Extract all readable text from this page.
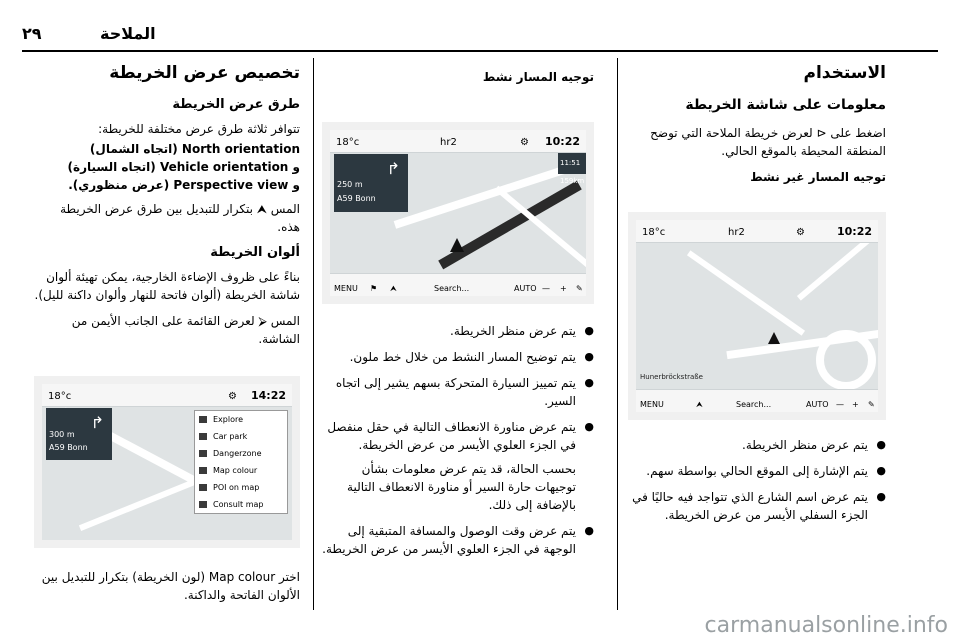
٢٩	الملاحة
الاستخدام
معلومات على شاشة الخريطة

اضغط على ⊲ لعرض خريطة الملاحة التي توضح المنطقة المحيطة بالموقع الحالي.

توجيه المسار غير نشط
Hunerbröckstraße
18°c	hr2	⚙	10:22
MENU	⮝	Search...	AUTO — + ✎
● يتم عرض منظر الخريطة.
● يتم الإشارة إلى الموقع الحالي بواسطة سهم.
● يتم عرض اسم الشارع الذي تتواجد فيه حاليًا في الجزء السفلي الأيسر من عرض الخريطة.
توجيه المسار نشط
↱
250 m
A59 Bonn
11:51
159km
18°c	hr2	⚙ 10:22
MENU ⚑ ⮝	Search...	AUTO — + ✎
● يتم عرض منظر الخريطة.
● يتم توضيح المسار النشط من خلال خط ملون.
● يتم تمييز السيارة المتحركة بسهم يشير إلى اتجاه السير.
● يتم عرض مناورة الانعطاف التالية في حقل منفصل في الجزء العلوي الأيسر من عرض الخريطة.

بحسب الحالة، قد يتم عرض معلومات بشأن توجيهات حارة السير أو مناورة الانعطاف التالية بالإضافة إلى ذلك.

● يتم عرض وقت الوصول والمسافة المتبقية إلى الوجهة في الجزء العلوي الأيسر من عرض الخريطة.
تخصيص عرض الخريطة
طرق عرض الخريطة

تتوافر ثلاثة طرق عرض مختلفة للخريطة:

North orientation (اتجاه الشمال)
و Vehicle orientation (اتجاه السيارة)
و Perspective view (عرض منظوري).

المس ⮝ بتكرار للتبديل بين طرق عرض الخريطة هذه.

ألوان الخريطة

بناءً على ظروف الإضاءة الخارجية، يمكن تهيئة ألوان شاشة الخريطة (ألوان فاتحة للنهار وألوان داكنة لليل).

المس ⮚ لعرض القائمة على الجانب الأيمن من الشاشة.

↱
300 m
A59 Bonn
Explore
Car park
Dangerzone
Map colour
POI on map
Consult map
18°c	⚙ 14:22

اختر Map colour (لون الخريطة) بتكرار للتبديل بين الألوان الفاتحة والداكنة.

carmanualsonline.info
